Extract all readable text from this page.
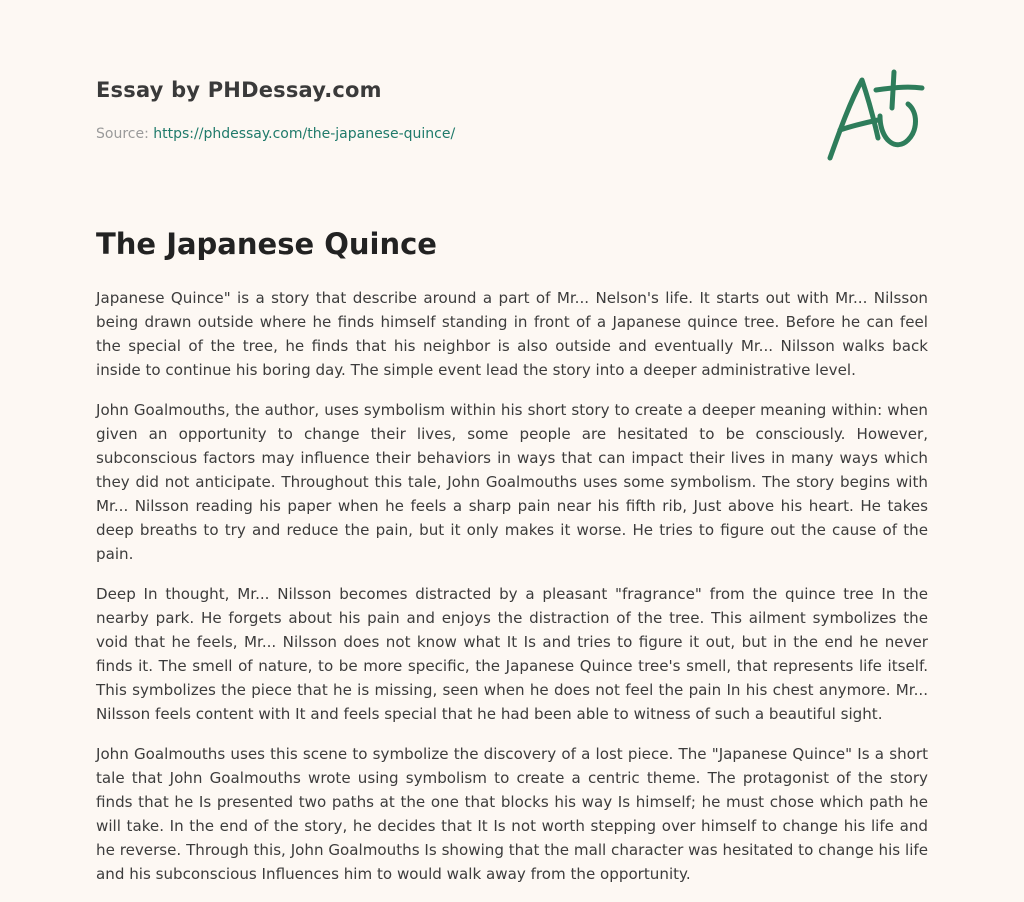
Essay by PHDessay.com
Source: https://phdessay.com/the-japanese-quince/
The Japanese Quince

Japanese Quince" is a story that describe around a part of Mr... Nelson's life. It starts out with Mr... Nilsson being drawn outside where he finds himself standing in front of a Japanese quince tree. Before he can feel the special of the tree, he finds that his neighbor is also outside and eventually Mr... Nilsson walks back inside to continue his boring day. The simple event lead the story into a deeper administrative level.

John Goalmouths, the author, uses symbolism within his short story to create a deeper meaning within: when given an opportunity to change their lives, some people are hesitated to be consciously. However, subconscious factors may influence their behaviors in ways that can impact their lives in many ways which they did not anticipate. Throughout this tale, John Goalmouths uses some symbolism. The story begins with Mr... Nilsson reading his paper when he feels a sharp pain near his fifth rib, Just above his heart. He takes deep breaths to try and reduce the pain, but it only makes it worse. He tries to figure out the cause of the pain.

Deep In thought, Mr... Nilsson becomes distracted by a pleasant "fragrance" from the quince tree In the nearby park. He forgets about his pain and enjoys the distraction of the tree. This ailment symbolizes the void that he feels, Mr... Nilsson does not know what It Is and tries to figure it out, but in the end he never finds it. The smell of nature, to be more specific, the Japanese Quince tree's smell, that represents life itself. This symbolizes the piece that he is missing, seen when he does not feel the pain In his chest anymore. Mr... Nilsson feels content with It and feels special that he had been able to witness of such a beautiful sight.

John Goalmouths uses this scene to symbolize the discovery of a lost piece. The "Japanese Quince" Is a short tale that John Goalmouths wrote using symbolism to create a centric theme. The protagonist of the story finds that he Is presented two paths at the one that blocks his way Is himself; he must chose which path he will take. In the end of the story, he decides that It Is not worth stepping over himself to change his life and he reverse. Through this, John Goalmouths Is showing that the mall character was hesitated to change his life and his subconscious Influences him to would walk away from the opportunity.
